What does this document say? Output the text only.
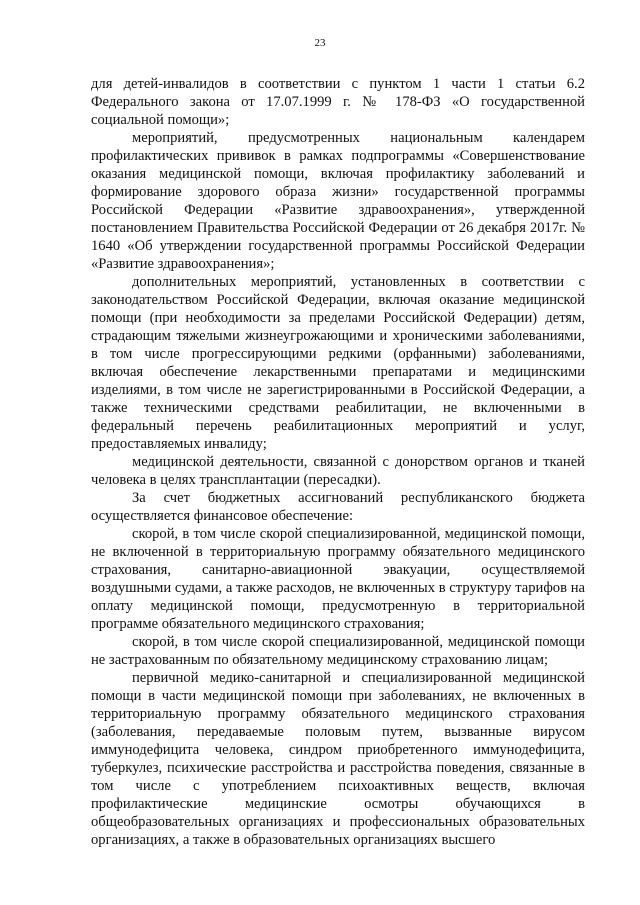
23

для детей-инвалидов в соответствии с пунктом 1 части 1 статьи 6.2 Федерального закона от 17.07.1999 г. № 178-ФЗ «О государственной социальной помощи»;

мероприятий, предусмотренных национальным календарем профилактических прививок в рамках подпрограммы «Совершенствование оказания медицинской помощи, включая профилактику заболеваний и формирование здорового образа жизни» государственной программы Российской Федерации «Развитие здравоохранения», утвержденной постановлением Правительства Российской Федерации от 26 декабря 2017г. № 1640 «Об утверждении государственной программы Российской Федерации «Развитие здравоохранения»;

дополнительных мероприятий, установленных в соответствии с законодательством Российской Федерации, включая оказание медицинской помощи (при необходимости за пределами Российской Федерации) детям, страдающим тяжелыми жизнеугрожающими и хроническими заболеваниями, в том числе прогрессирующими редкими (орфанными) заболеваниями, включая обеспечение лекарственными препаратами и медицинскими изделиями, в том числе не зарегистрированными в Российской Федерации, а также техническими средствами реабилитации, не включенными в федеральный перечень реабилитационных мероприятий и услуг, предоставляемых инвалиду;

медицинской деятельности, связанной с донорством органов и тканей человека в целях трансплантации (пересадки).

За счет бюджетных ассигнований республиканского бюджета осуществляется финансовое обеспечение:

скорой, в том числе скорой специализированной, медицинской помощи, не включенной в территориальную программу обязательного медицинского страхования, санитарно-авиационной эвакуации, осуществляемой воздушными судами, а также расходов, не включенных в структуру тарифов на оплату медицинской помощи, предусмотренную в территориальной программе обязательного медицинского страхования;

скорой, в том числе скорой специализированной, медицинской помощи не застрахованным по обязательному медицинскому страхованию лицам;

первичной медико-санитарной и специализированной медицинской помощи в части медицинской помощи при заболеваниях, не включенных в территориальную программу обязательного медицинского страхования (заболевания, передаваемые половым путем, вызванные вирусом иммунодефицита человека, синдром приобретенного иммунодефицита, туберкулез, психические расстройства и расстройства поведения, связанные в том числе с употреблением психоактивных веществ, включая профилактические медицинские осмотры обучающихся в общеобразовательных организациях и профессиональных образовательных организациях, а также в образовательных организациях высшего
